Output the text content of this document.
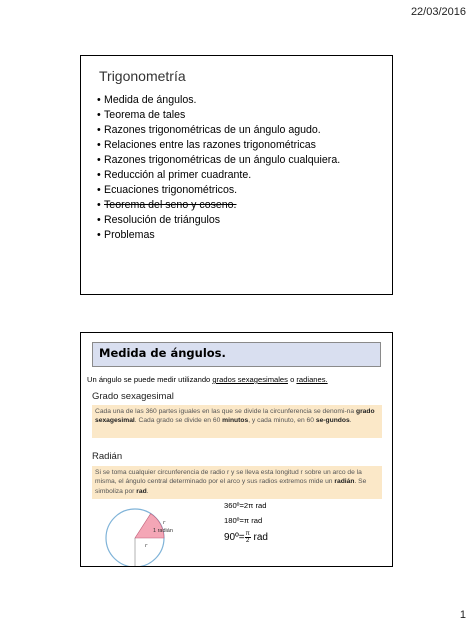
22/03/2016
Trigonometría
• Medida de ángulos.
• Teorema de tales
• Razones trigonométricas de un ángulo agudo.
• Relaciones entre las razones trigonométricas
• Razones trigonométricas de un ángulo cualquiera.
• Reducción al primer cuadrante.
• Ecuaciones trigonométricos.
• Teorema del seno y coseno.
• Resolución de triángulos
• Problemas
Medida de ángulos.
Un ángulo se puede medir utilizando grados sexagesimales o radianes.
Grado sexagesimal
Cada una de las 360 partes iguales en las que se divide la circunferencia se denomi-na grado sexagesimal. Cada grado se divide en 60 minutos, y cada minuto, en 60 se-gundos.
Radián
Si se toma cualquier circunferencia de radio r y se lleva esta longitud r sobre un arco de la misma, el ángulo central determinado por el arco y sus radios extremos mide un radián. Se simboliza por rad.
1 radián
r
r
360º=2π rad
180º=π rad
90º= $\frac{\pi}{2}$ rad
1
